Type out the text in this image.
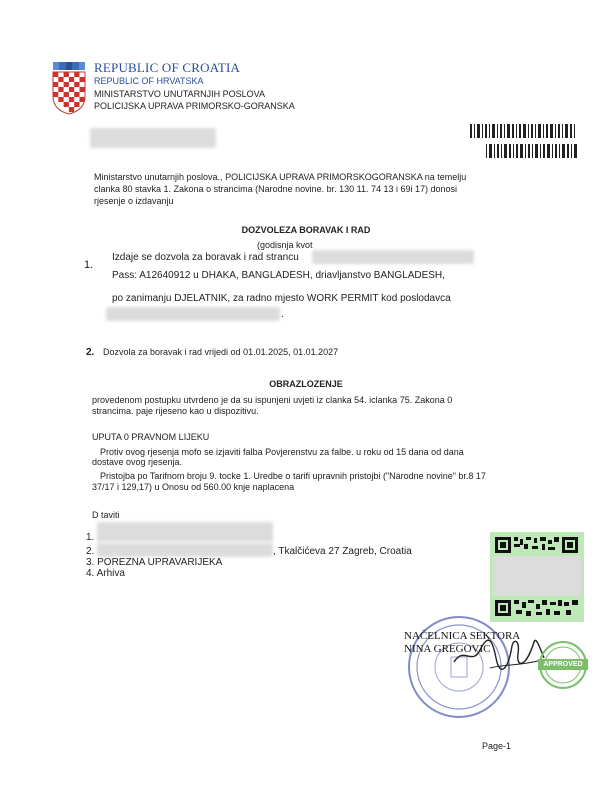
REPUBLIC OF CROATIA
REPUBLIC OF HRVATSKA
MINISTARSTVO UNUTARNJIH POSLOVA
POLICIJSKA UPRAVA PRIMORSKO-GORANSKA
Ministarstvo unutarnjih poslova., POLICIJSKA UPRAVA PRIMORSKOGORANSKA na temelju
clanka 80 stavka 1. Zakona o strancima (Narodne novine. br. 130 11. 74 13 i 69i 17) donosi
rjesenje o izdavanju
DOZVOLEZA BORAVAK I RAD
(godisnja kvot
1.
Izdaje se dozvola za boravak i rad strancu
Pass: A12640912 u DHAKA, BANGLADESH, driavljanstvo BANGLADESH,
po zanimanju DJELATNIK, za radno mjesto WORK PERMIT kod poslodavca
.
2. Dozvola za boravak i rad vrijedi od 01.01.2025, 01.01.2027
OBRAZLOZENJE
provedenom postupku utvrdeno je da su ispunjeni uvjeti iz clanka 54. iclanka 75. Zakona 0
strancima. paje rijeseno kao u dispozitivu.
UPUTA 0 PRAVNOM LIJEKU
Protiv ovog rjesenja mofo se izjaviti falba Povjerenstvu za falbe. u roku od 15 dana od dana
dostave ovog rjesenja.
Pristojba po Tarifnom broju 9. tocke 1. Uredbe o tarifi upravnih pristojbi ("Narodne novine" br.8 17
37/17 i 129,17) u Onosu od 560.00 knje naplacena
D taviti
1.
2.	, Tkalčićeva 27 Zagreb, Croatia
3. POREZNA UPRAVARIJEKA
4. Arhiva
NAČELNICA SEKTORA
NINA GREGOVIC
APPROVED
Page-1
